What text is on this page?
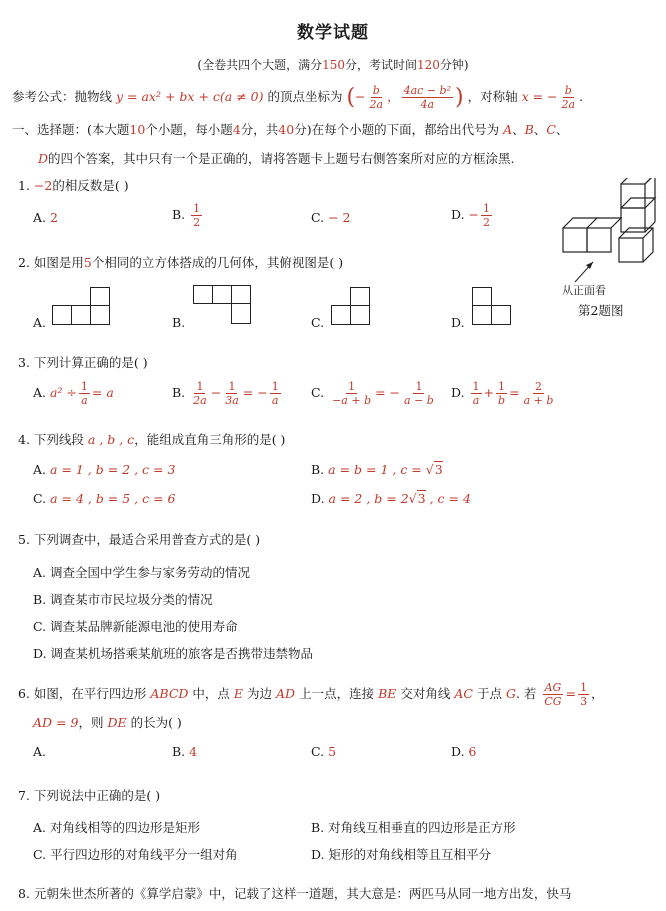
数学试题
(全卷共四个大题，满分150分，考试时间120分钟)
参考公式：抛物线 y = ax² + bx + c(a ≠ 0) 的顶点坐标为 (− $\frac{b}{2a}$ ， $\frac{\text{4ac − b²}}{4a}$ ) ，对称轴 x = − $\frac{b}{2a}$ .
一、选择题：(本大题10个小题，每小题4分，共40分)在每个小题的下面，都给出代号为 A、B、C、
D的四个答案，其中只有一个是正确的，请将答题卡上题号右侧答案所对应的方框涂黑.
1. −2的相反数是( )
A. 2	B. $\frac{1}{2}$	C. − 2	D. − $\frac{1}{2}$
从正面看
第2题图
2. 如图是用5个相同的立方体搭成的几何体，其俯视图是( )
A.	B.	C.	D.
3. 下列计算正确的是( )
A. $a^2 \div \frac{1}{a} = a$	B. $\frac{1}{2a} - \frac{1}{3a}$ = − $\frac{1}{a} C$. $\frac{1}{-a + b}$ = − $\frac{1}{a - b} D$. $\frac{1}{a} + \frac{1}{b} = \frac{2}{a + b}$
4. 下列线段 a , b , c，能组成直角三角形的是( )
A. a = 1 , b = 2 , c = 3	B. a = b = 1 , c = √3
C. a = 4 , b = 5 , c = 6	D. a = 2 , b = 2√3 , c = 4
5. 下列调查中，最适合采用普查方式的是( )
A. 调查全国中学生参与家务劳动的情况
B. 调查某市市民垃圾分类的情况
C. 调查某品牌新能源电池的使用寿命
D. 调查某机场搭乘某航班的旅客是否携带违禁物品
6. 如图，在平行四边形 ABCD 中，点 E 为边 AD 上一点，连接 BE 交对角线 AC 于点 G. 若 $\frac{AG}{CG} = \frac{1}{3}$ ，
AD = 9，则 DE 的长为( )
A.	B. 4	C. 5	D. 6
7. 下列说法中正确的是( )
A. 对角线相等的四边形是矩形	B. 对角线互相垂直的四边形是正方形
C. 平行四边形的对角线平分一组对角	D. 矩形的对角线相等且互相平分
8. 元朝朱世杰所著的《算学启蒙》中，记载了这样一道题，其大意是：两匹马从同一地方出发，快马
